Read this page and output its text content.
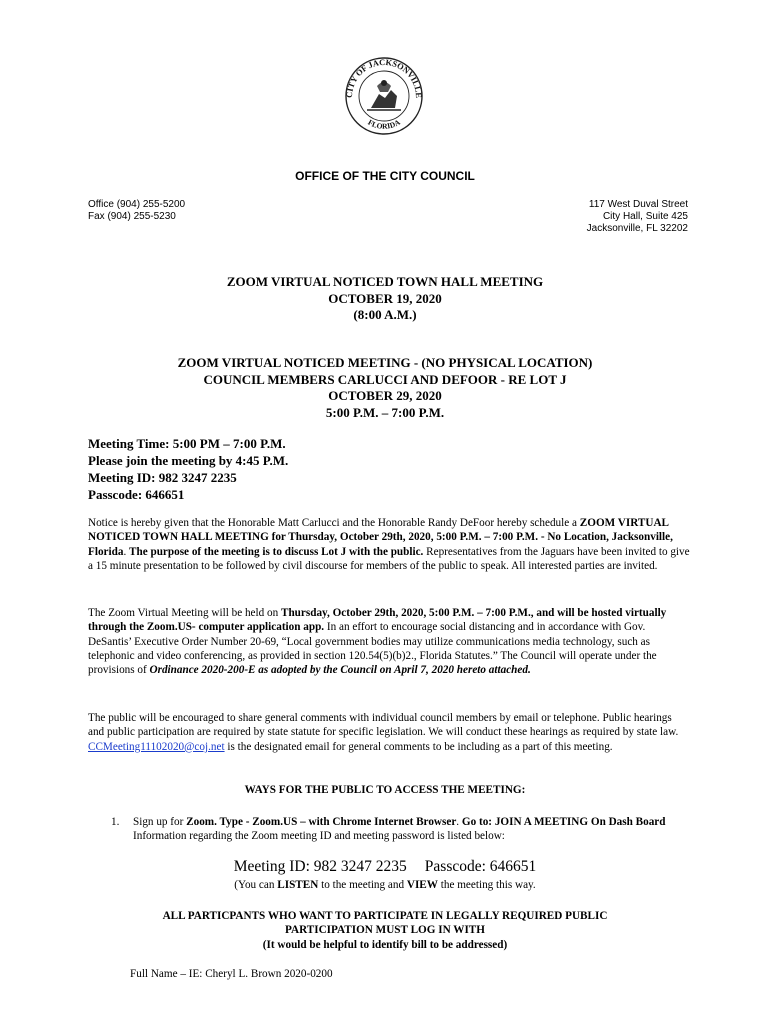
CITY OF JACKSONVILLE
FLORIDA
OFFICE OF THE CITY COUNCIL
Office (904) 255-5200
Fax (904) 255-5230
117 West Duval Street
City Hall, Suite 425
Jacksonville, FL 32202
ZOOM VIRTUAL NOTICED TOWN HALL MEETING
OCTOBER 19, 2020
(8:00 A.M.)
ZOOM VIRTUAL NOTICED MEETING - (NO PHYSICAL LOCATION)
COUNCIL MEMBERS CARLUCCI AND DEFOOR - RE LOT J
OCTOBER 29, 2020
5:00 P.M. – 7:00 P.M.
Meeting Time: 5:00 PM – 7:00 P.M.
Please join the meeting by 4:45 P.M.
Meeting ID: 982 3247 2235
Passcode: 646651
Notice is hereby given that the Honorable Matt Carlucci and the Honorable Randy DeFoor hereby schedule a ZOOM VIRTUAL NOTICED TOWN HALL MEETING for Thursday, October 29th, 2020, 5:00 P.M. – 7:00 P.M. - No Location, Jacksonville, Florida. The purpose of the meeting is to discuss Lot J with the public. Representatives from the Jaguars have been invited to give a 15 minute presentation to be followed by civil discourse for members of the public to speak. All interested parties are invited.
The Zoom Virtual Meeting will be held on Thursday, October 29th, 2020, 5:00 P.M. – 7:00 P.M., and will be hosted virtually through the Zoom.US- computer application app. In an effort to encourage social distancing and in accordance with Gov. DeSantis’ Executive Order Number 20-69, “Local government bodies may utilize communications media technology, such as telephonic and video conferencing, as provided in section 120.54(5)(b)2., Florida Statutes.” The Council will operate under the provisions of Ordinance 2020-200-E as adopted by the Council on April 7, 2020 hereto attached.
The public will be encouraged to share general comments with individual council members by email or telephone. Public hearings and public participation are required by state statute for specific legislation. We will conduct these hearings as required by state law. CCMeeting11102020@coj.net is the designated email for general comments to be including as a part of this meeting.
WAYS FOR THE PUBLIC TO ACCESS THE MEETING:
1. Sign up for Zoom. Type - Zoom.US – with Chrome Internet Browser. Go to: JOIN A MEETING On Dash Board Information regarding the Zoom meeting ID and meeting password is listed below:
Meeting ID: 982 3247 2235 Passcode: 646651
(You can LISTEN to the meeting and VIEW the meeting this way.
ALL PARTICPANTS WHO WANT TO PARTICIPATE IN LEGALLY REQUIRED PUBLIC
PARTICIPATION MUST LOG IN WITH
(It would be helpful to identify bill to be addressed)
Full Name – IE: Cheryl L. Brown 2020-0200
